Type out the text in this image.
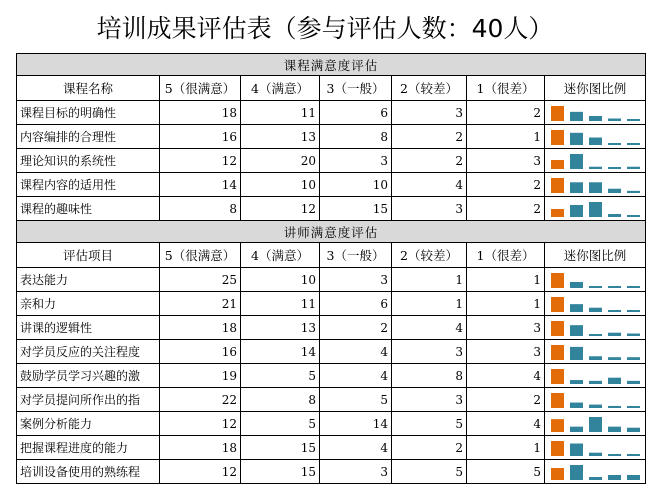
培训成果评估表（参与评估人数：40人）
课程满意度评估						
课程名称	5（很满意）	4（满意）	3（一般）	2（较差）	1（很差）	迷你图比例
课程目标的明确性	18	11	6	3	2	

内容编排的合理性	16	13	8	2	1	

理论知识的系统性	12	20	3	2	3	

课程内容的适用性	14	10	10	4	2	

课程的趣味性	8	12	15	3	2	

讲师满意度评估						
评估项目	5（很满意）	4（满意）	3（一般）	2（较差）	1（很差）	迷你图比例
表达能力	25	10	3	1	1	

亲和力	21	11	6	1	1	

讲课的逻辑性	18	13	2	4	3	

对学员反应的关注程度	16	14	4	3	3	

鼓励学员学习兴趣的激	19	5	4	8	4	

对学员提问所作出的指	22	8	5	3	2	

案例分析能力	12	5	14	5	4	

把握课程进度的能力	18	15	4	2	1	

培训设备使用的熟练程	12	15	3	5	5	
